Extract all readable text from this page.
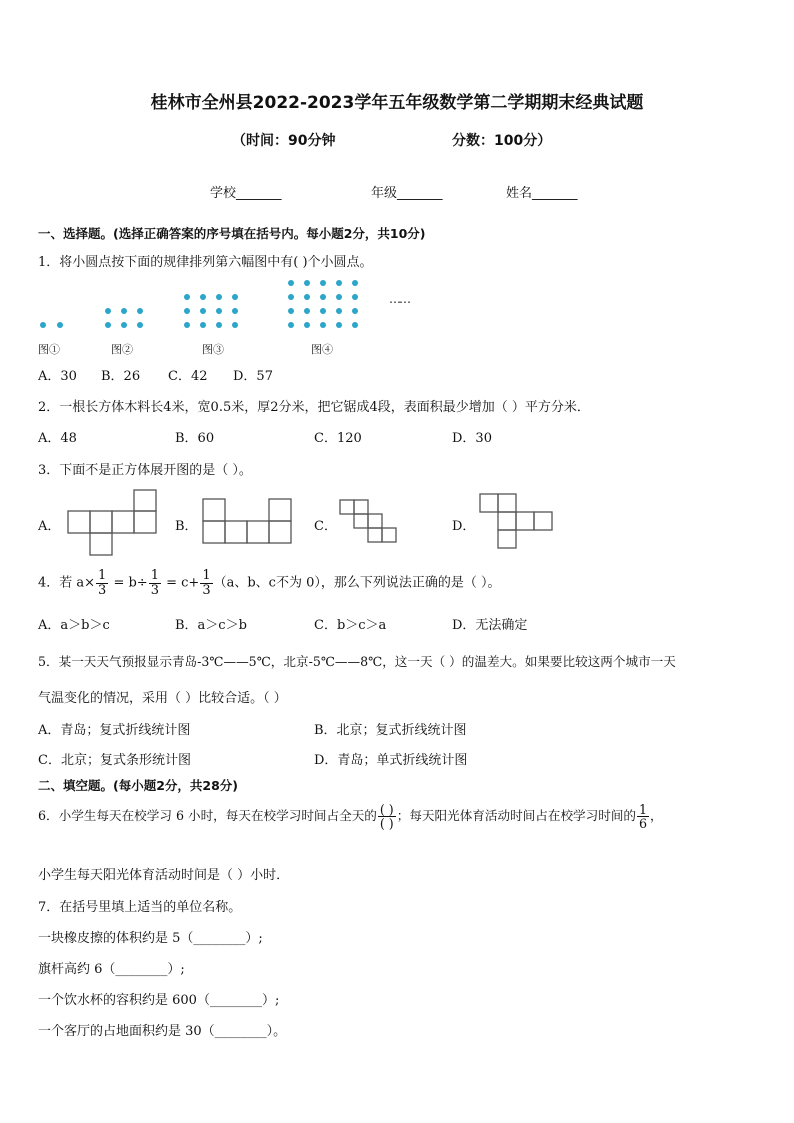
桂林市全州县2022-2023学年五年级数学第二学期期末经典试题
（时间：90分钟	分数：100分）
学校_______	年级_______	姓名_______
一、选择题。(选择正确答案的序号填在括号内。每小题2分，共10分)
1．将小圆点按下面的规律排列第六幅图中有( )个小圆点。
……
图①	图②	图③	图④
A．30 B．26 C．42 D．57
2．一根长方体木料长4米，宽0.5米，厚2分米，把它锯成4段，表面积最少增加（ ）平方分米．
A．48	B．60	C．120	D．30
3．下面不是正方体展开图的是（ ）。
A．	B．	C．	D．
4．若 $a\times \frac{1}{3} = b\div \frac{1}{3} = c+ \frac{1}{3} (a$、b、c不为 0），那么下列说法正确的是（ ）。
A．a＞b＞c	B．a＞c＞b	C．b＞c＞a	D．无法确定
5．某一天天气预报显示青岛-3℃——5℃，北京-5℃——8℃，这一天（ ）的温差大。如果要比较这两个城市一天
气温变化的情况，采用（ ）比较合适。（ ）
A．青岛；复式折线统计图	B．北京；复式折线统计图
C．北京；复式条形统计图	D．青岛；单式折线统计图
二、填空题。(每小题2分，共28分)
6．小学生每天在校学习 6 小时，每天在校学习时间占全天的 $\frac{( )}{( )}$ ；每天阳光体育活动时间占在校学习时间的 $\frac{1}{6}$ ，
小学生每天阳光体育活动时间是（ ）小时．
7．在括号里填上适当的单位名称。
一块橡皮擦的体积约是 5（________）;
旗杆高约 6（________）;
一个饮水杯的容积约是 600（________）;
一个客厅的占地面积约是 30（________）。
